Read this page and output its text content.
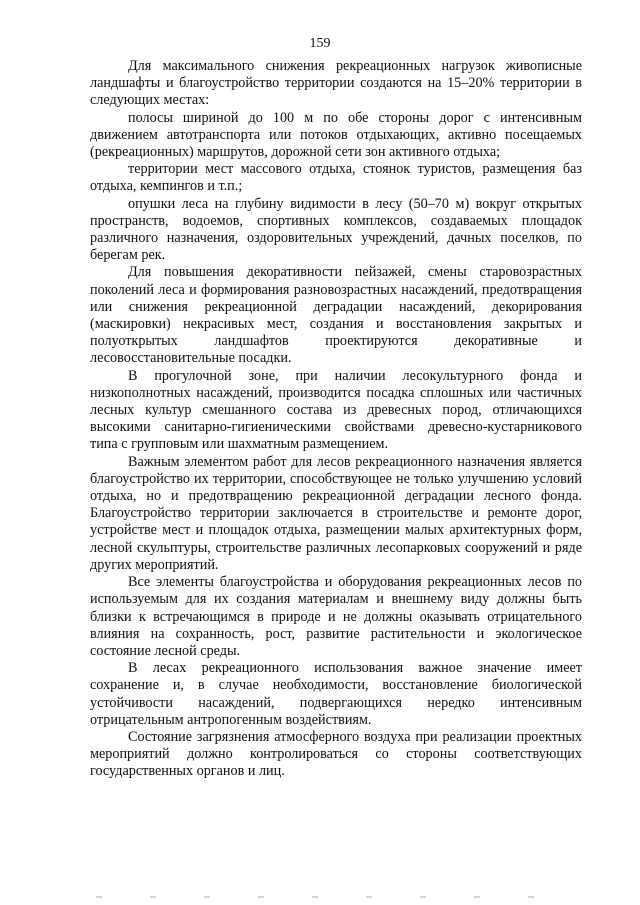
159

Для максимального снижения рекреационных нагрузок живописные ландшафты и благоустройство территории создаются на 15–20% территории в следующих местах:

полосы шириной до 100 м по обе стороны дорог с интенсивным движением автотранспорта или потоков отдыхающих, активно посещаемых (рекреационных) маршрутов, дорожной сети зон активного отдыха;

территории мест массового отдыха, стоянок туристов, размещения баз отдыха, кемпингов и т.п.;

опушки леса на глубину видимости в лесу (50–70 м) вокруг открытых пространств, водоемов, спортивных комплексов, создаваемых площадок различного назначения, оздоровительных учреждений, дачных поселков, по берегам рек.

Для повышения декоративности пейзажей, смены старовозрастных поколений леса и формирования разновозрастных насаждений, предотвращения или снижения рекреационной деградации насаждений, декорирования (маскировки) некрасивых мест, создания и восстановления закрытых и полуоткрытых ландшафтов проектируются декоративные и лесовосстановительные посадки.

В прогулочной зоне, при наличии лесокультурного фонда и низкополнотных насаждений, производится посадка сплошных или частичных лесных культур смешанного состава из древесных пород, отличающихся высокими санитарно-гигиеническими свойствами древесно-кустарникового типа с групповым или шахматным размещением.

Важным элементом работ для лесов рекреационного назначения является благоустройство их территории, способствующее не только улучшению условий отдыха, но и предотвращению рекреационной деградации лесного фонда. Благоустройство территории заключается в строительстве и ремонте дорог, устройстве мест и площадок отдыха, размещении малых архитектурных форм, лесной скульптуры, строительстве различных лесопарковых сооружений и ряде других мероприятий.

Все элементы благоустройства и оборудования рекреационных лесов по используемым для их создания материалам и внешнему виду должны быть близки к встречающимся в природе и не должны оказывать отрицательного влияния на сохранность, рост, развитие растительности и экологическое состояние лесной среды.

В лесах рекреационного использования важное значение имеет сохранение и, в случае необходимости, восстановление биологической устойчивости насаждений, подвергающихся нередко интенсивным отрицательным антропогенным воздействиям.

Состояние загрязнения атмосферного воздуха при реализации проектных мероприятий должно контролироваться со стороны соответствующих государственных органов и лиц.
